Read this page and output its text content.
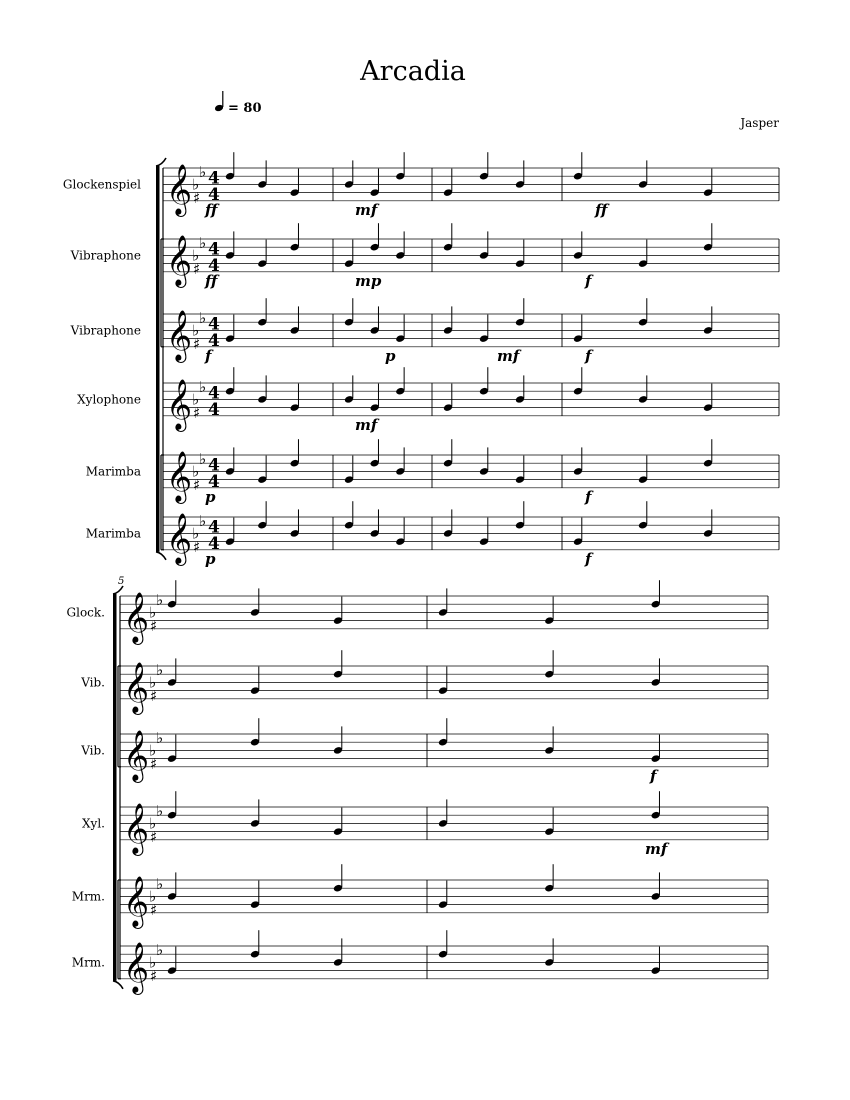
Arcadia
Jasper
= 80
Glockenspiel 𝄞 ♭
♭
♯
4
4
ff	mf	ff
Vibraphone 𝄞 ♭
♭
♯
4
4
ff	mp	f
Vibraphone 𝄞 ♭
♭
♯
4
4
f	p	mf	f
Xylophone 𝄞 ♭
♭
♯
4
4
mf
Marimba 𝄞 ♭
♭
♯
4
4
p	f
Marimba 𝄞 ♭
♭
♯
4
4
p	f
5
Glock. 𝄞 ♭
♭
♯
Vib. 𝄞 ♭
♭
♯
Vib. 𝄞 ♭
♭
♯
f
Xyl. 𝄞 ♭
♭
♯
mf
Mrm. 𝄞 ♭
♭
♯
Mrm. 𝄞 ♭
♭
♯
